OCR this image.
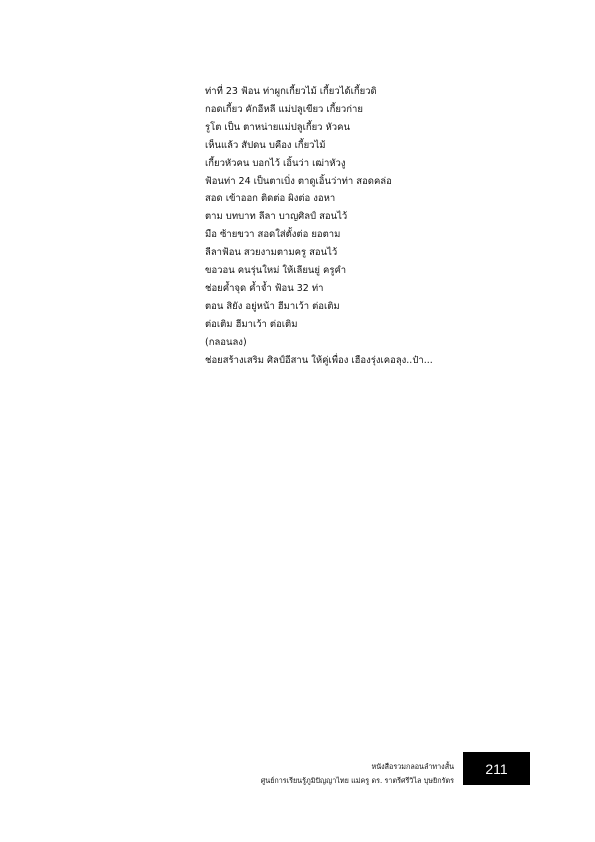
ท่าที่ 23 ฟ้อน ท่าผูกเกี้ยวไม้ เกี้ยวได้เกี้ยวดิ
กอดเกี้ยว คักอีหลี แม่ปลูเขียว เกี้ยวก่าย
รูโต เป็น ตาหน่ายแม่ปลูเกี้ยว หัวคน
เห็นแล้ว สัปดน บคือง เกี้ยวไม้
เกี้ยวหัวคน บอกไว้ เอิ้นว่า เฒ่าหัวงู
ฟ้อนท่า 24 เป็นตาเบิ่ง ตาดูเอิ้นว่าท่า สอดคล่อ
สอด เข้าออก ติดต่อ ผิงต่อ งอหา
ตาม บทบาท ลีลา บาญศิลป์ สอนไว้
มือ ซ้ายขวา สอดใส่ตั้งต่อ ยอตาม
ลีลาฟ้อน สวยงามตามครู สอนไว้
ขอวอน คนรุ่นใหม่ ให้เลียนยู่ ครูคำ
ช่อยค้ำจุด ค้ำจ้ำ ฟ้อน 32 ท่า
ตอน สิยัง อยู่หน้า ฮีมาเว้า ต่อเติม
ต่อเติม ฮีมาเว้า ต่อเติม
(กลอนลง)
ช่อยสร้างเสริม ศิลป์อีสาน ให้คู่เพื่อง เฮืองรุ่งเคอลุง..ป๋า...
หนังสือรวมกลอนลำทางสั้น
ศูนย์การเรียนรู้ภูมิปัญญาไทย แม่ครู ดร. ราตรีศรีวิไล บุษยิกรัตร
211
